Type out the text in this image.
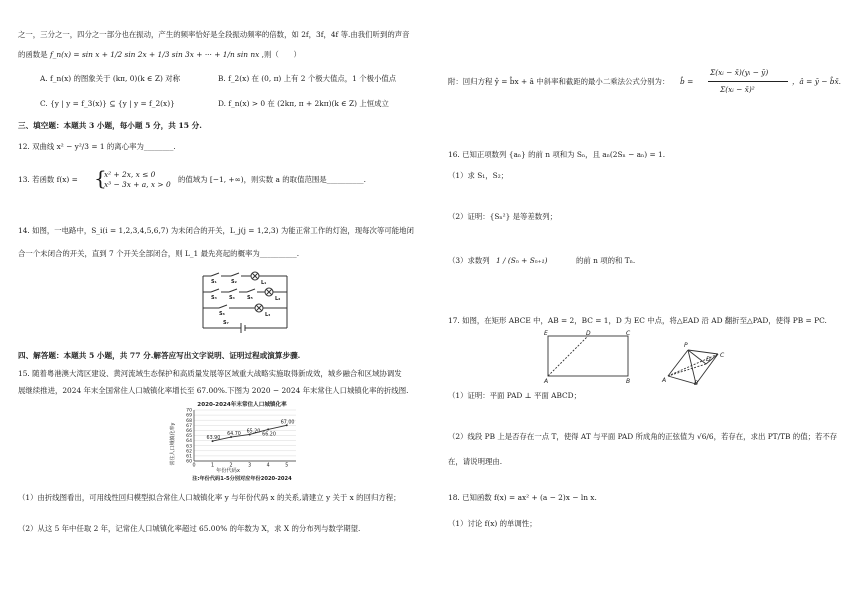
之一，三分之一，四分之一部分也在振动，产生的频率恰好是全段振动频率的倍数，如 2f，3f，4f 等.由我们听到的声音
的函数是 f_n(x) = sin x + 1/2 sin 2x + 1/3 sin 3x + ··· + 1/n sin nx ,则（　　）
A. f_n(x) 的图象关于 (kπ, 0)(k ∈ Z) 对称	B. f_2(x) 在 (0, π) 上有 2 个极大值点，1 个极小值点
C. {y | y = f_3(x)} ⊆ {y | y = f_2(x)}	D. f_n(x) > 0 在 (2kπ, π + 2kπ)(k ∈ Z) 上恒成立
三、填空题：本题共 3 小题，每小题 5 分，共 15 分.
12. 双曲线 x² − y²/3 = 1 的离心率为________.
13. 若函数 f(x) = {
x² + 2x, x ≤ 0
x³ − 3x + a, x > 0
的值域为 [−1, +∞)，则实数 a 的取值范围是__________.
14. 如图，一电路中，S_i(i = 1,2,3,4,5,6,7) 为未闭合的开关，L_j(j = 1,2,3) 为能正常工作的灯泡，现每次等可能地闭
合一个未闭合的开关，直到 7 个开关全部闭合，则 L_1 最先亮起的概率为__________.
S₁	S₂	L₁
S₃ S₄ S₅	L₂
S₆	L₃
S₇
四、解答题：本题共 5 小题，共 77 分.解答应写出文字说明、证明过程或演算步骤.
15. 随着粤港澳大湾区建设、黄河流域生态保护和高质量发展等区域重大战略实施取得新成效，城乡融合和区域协调发
展继续推进，2024 年末全国常住人口城镇化率增长至 67.00%.下图为 2020 − 2024 年末常住人口城镇化率的折线图.
2020-2024年末常住人口城镇化率
常住人口城镇化率y
年份代码x
注:年份代码1-5分别对应年份2020-2024
60
61
62
63
64
65
66
67
68
69
70
0	1	2	3	4	5
63.90
64.70
65.20
66.20
67.00
（1）由折线图看出，可用线性回归模型拟合常住人口城镇化率 y 与年份代码 x 的关系,请建立 y 关于 x 的回归方程；
（2）从这 5 年中任取 2 年，记常住人口城镇化率超过 65.00% 的年数为 X，求 X 的分布列与数学期望.
附：回归方程 ŷ = b̂x + â 中斜率和截距的最小二乘法公式分别为： b̂ =
Σ(xᵢ − x̄)(yᵢ − ȳ)
Σ(xᵢ − x̄)²
，â = ȳ − b̂x̄.
16. 已知正项数列 {aₙ} 的前 n 项和为 Sₙ，且 aₙ(2Sₙ − aₙ) = 1.
（1）求 S₁，S₂；
（2）证明：{Sₙ²} 是等差数列；
（3）求数列 1 / (Sₙ + Sₙ₊₁)	的前 n 项的和 Tₙ.
17. 如图，在矩形 ABCE 中，AB = 2，BC = 1，D 为 EC 中点，将△EAD 沿 AD 翻折至△PAD，使得 PB = PC.
E	D	C
A	B
P
D
C
A	B
（1）证明：平面 PAD ⊥ 平面 ABCD；
（2）线段 PB 上是否存在一点 T，使得 AT 与平面 PAD 所成角的正弦值为 √6/6，若存在，求出 PT/TB 的值；若不存
在，请说明理由.
18. 已知函数 f(x) = ax² + (a − 2)x − ln x.
（1）讨论 f(x) 的单调性；
